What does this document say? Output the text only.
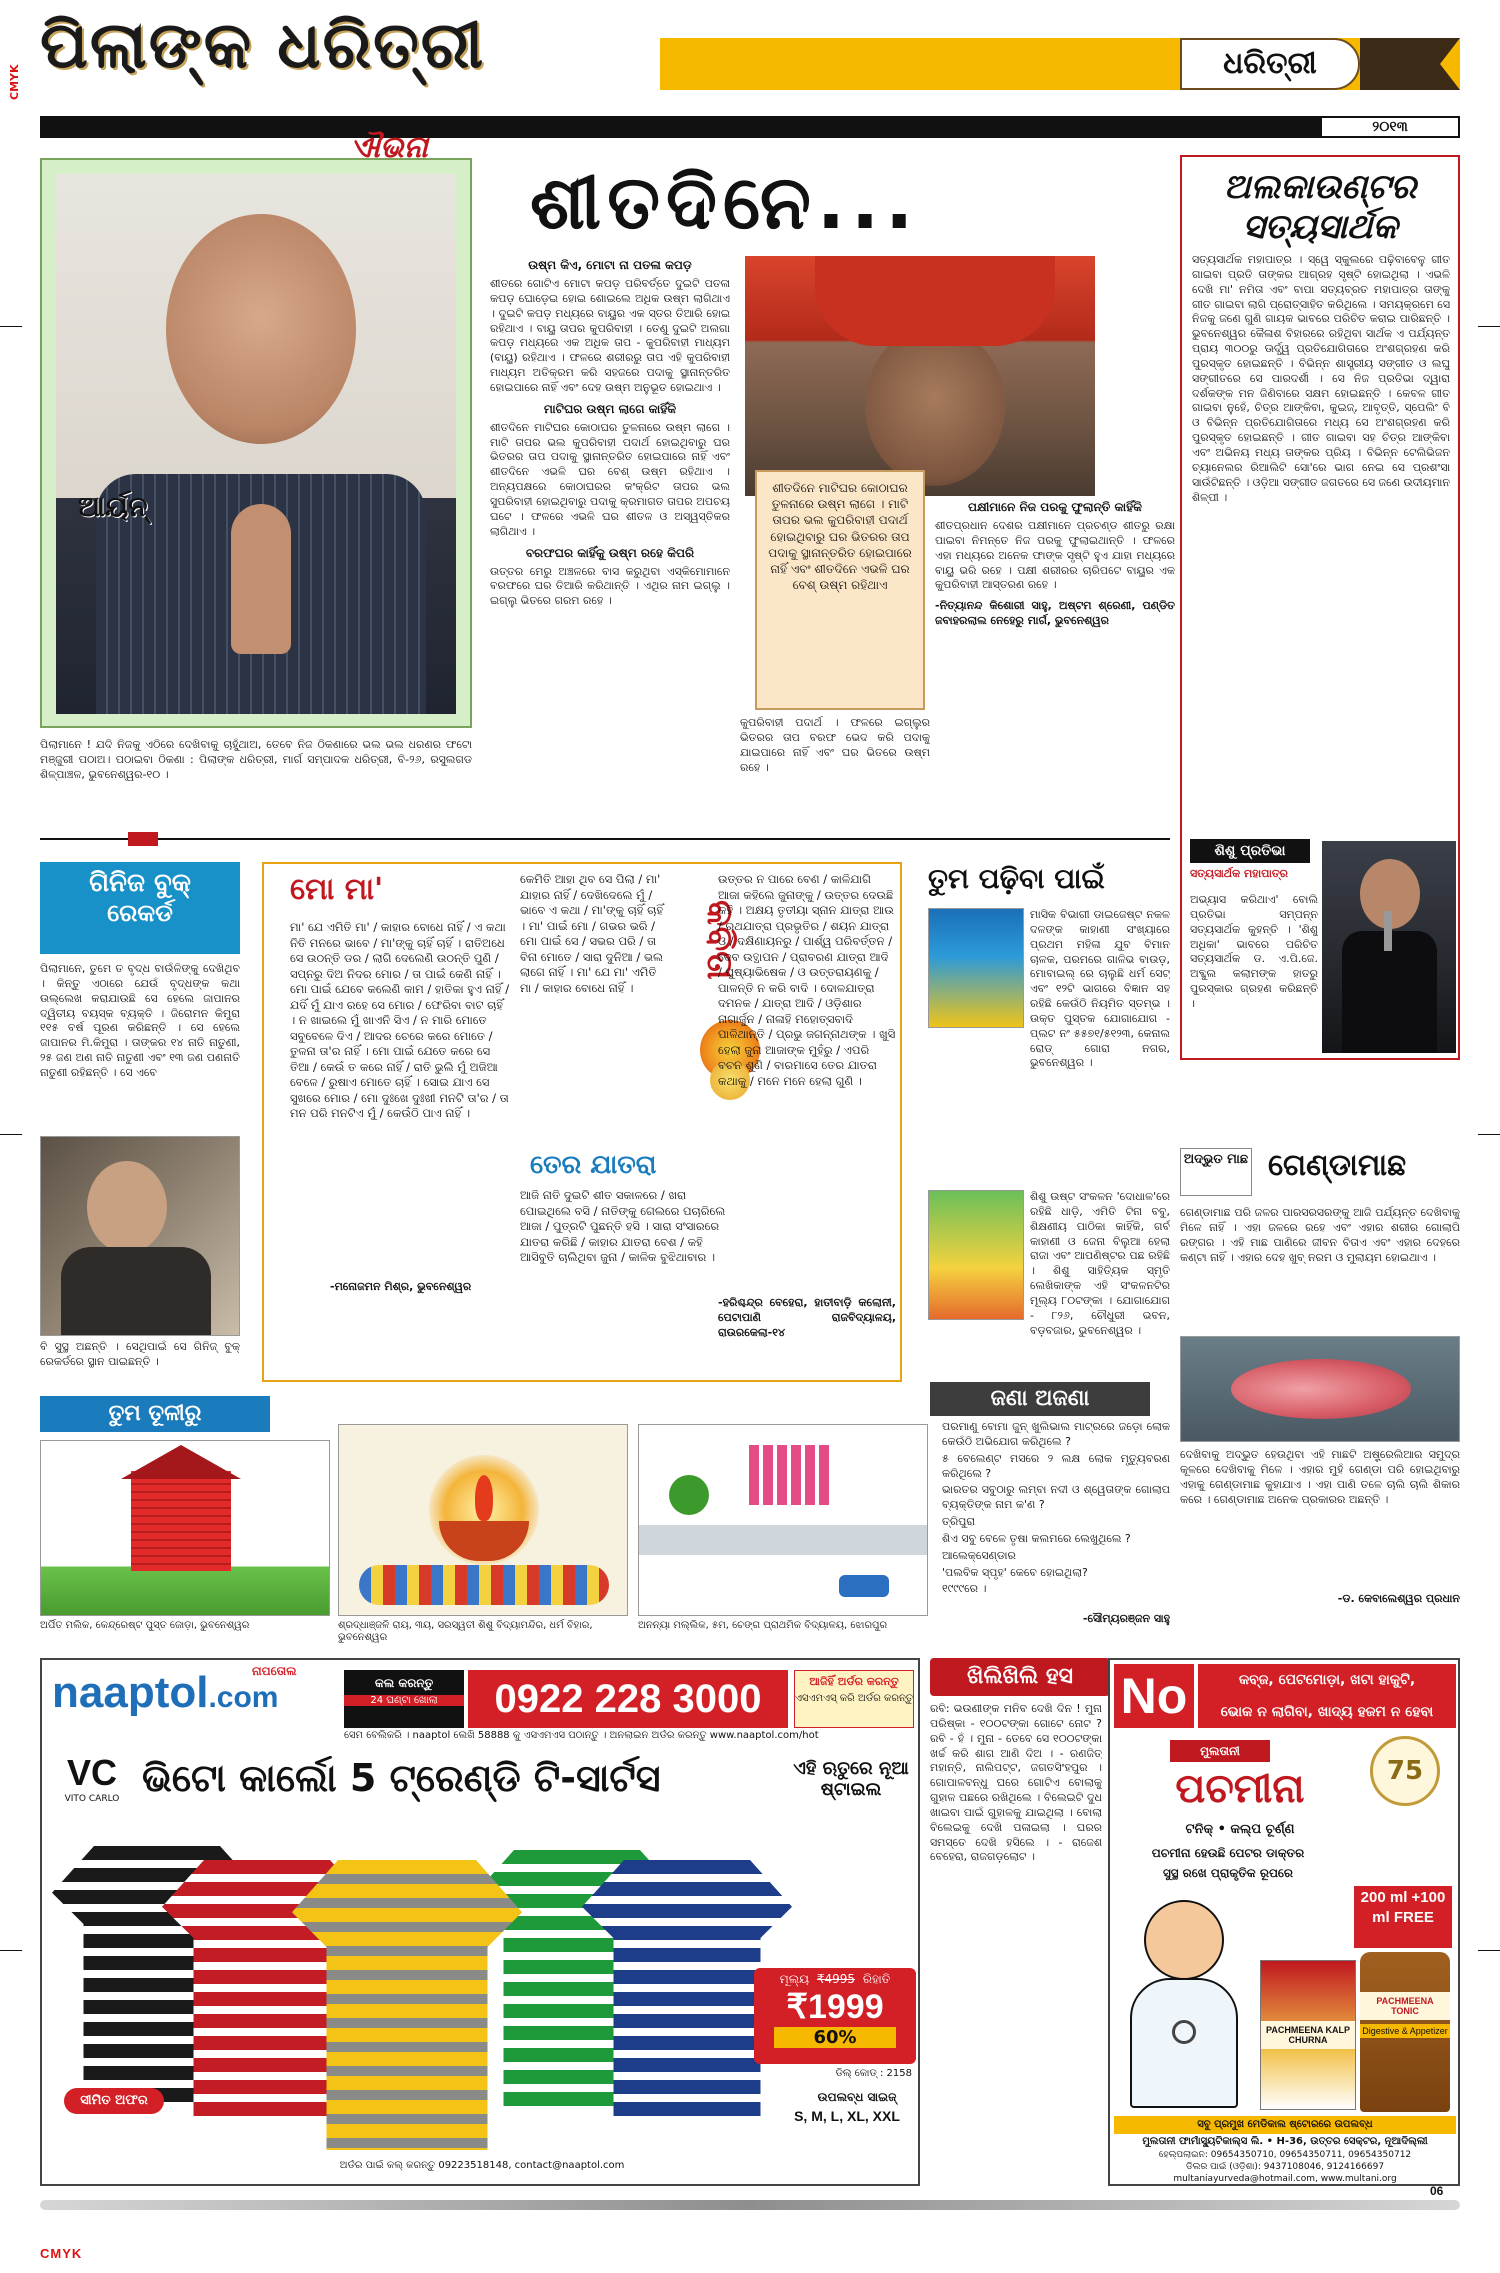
ପିଲାଙ୍କ ଧରିତ୍ରୀ	ଧରିତ୍ରୀ
CMYK
୨୦୧୩
ଆର୍ୟନ୍
ଐଭନା
ପିଲାମାନେ ! ଯଦି ନିଜକୁ ଏଠିରେ ଦେଖିବାକୁ ଚାହୁଁଥାଅ, ତେବେ ନିଜ ଠିକଣାରେ ଭଲ ଭଲ ଧରଣର ଫଟୋ ମଞ୍ଜୁରୀ ପଠାଅ। ପଠାଇବା ଠିକଣା : ପିଲାଙ୍କ ଧରିତ୍ରୀ, ମାର୍ଗ ସମ୍ପାଦକ ଧରିତ୍ରୀ, ବି-୨୬, ରସୁଲଗଡ ଶିଳ୍ପାଞ୍ଚଳ, ଭୁବନେଶ୍ୱର-୧୦ ।
ଶୀତଦିନେ...
ଉଷ୍ମ କିଏ, ମୋଟା ନା ପତଳା କପଡ଼
ଶୀତରେ ଗୋଟିଏ ମୋଟା କପଡ଼ ପରିବର୍ତ୍ତେ ଦୁଇଟି ପତଳା କପଡ଼ ଘୋଡ଼େଇ ହୋଇ ଶୋଇଲେ ଅଧିକ ଉଷ୍ମ ଲାଗିଥାଏ । ଦୁଇଟି କପଡ଼ ମଧ୍ୟରେ ବାୟୁର ଏକ ସ୍ତର ତିଆରି ହୋଇ ରହିଥାଏ । ବାୟୁ ତାପର କୁପରିବାହୀ । ତେଣୁ ଦୁଇଟି ଅଲଗା କପଡ଼ ମଧ୍ୟରେ ଏକ ଅଧିକ ତାପ - କୁପରିବାହୀ ମାଧ୍ୟମ (ବାୟୁ) ରହିଥାଏ । ଫଳରେ ଶରୀରରୁ ତାପ ଏହି କୁପରିବାହୀ ମାଧ୍ୟମ ଅତିକ୍ରମ କରି ସହଜରେ ପଦାକୁ ସ୍ଥାନାନ୍ତରିତ ହୋଇପାରେ ନାହିଁ ଏବଂ ଦେହ ଉଷ୍ମ ଅନୁଭୂତ ହୋଇଥାଏ ।
ମାଟିଘର ଉଷ୍ମ ଲାଗେ କାହିଁକି
ଶୀତଦିନେ ମାଟିଘର କୋଠାଘର ତୁଳନାରେ ଉଷ୍ମ ଲାଗେ । ମାଟି ତାପର ଭଲ କୁପରିବାହୀ ପଦାର୍ଥ ହୋଇଥିବାରୁ ଘର ଭିତରର ତାପ ପଦାକୁ ସ୍ଥାନାନ୍ତରିତ ହୋଇପାରେ ନାହିଁ ଏବଂ ଶୀତଦିନେ ଏଭଳି ଘର ବେଶ୍ ଉଷ୍ମ ରହିଥାଏ । ଅନ୍ୟପକ୍ଷରେ କୋଠାଘରର କଂକ୍ରିଟ ତାପର ଭଲ ସୁପରିବାହୀ ହୋଇଥିବାରୁ ପଦାକୁ କ୍ରମାଗତ ତାପର ଅପଚୟ ଘଟେ । ଫଳରେ ଏଭଳି ଘର ଶୀତଳ ଓ ଅସ୍ୱସ୍ତିକର ଲାଗିଥାଏ ।
ବରଫଘର କାହିଁକୁ ଉଷ୍ମ ରହେ କିପରି
ଉତ୍ତର ମେରୁ ଅଞ୍ଚଳରେ ବାସ କରୁଥିବା ଏସ୍କିମୋମାନେ ବରଫରେ ଘର ତିଆରି କରିଥାନ୍ତି । ଏଥିର ନାମ ଇଗ୍ଲୁ । ଇଗ୍ଲୁ ଭିତରେ ଗରମ ରହେ ।
ଶୀତଦିନେ ମାଟିଘର କୋଠାଘର ତୁଳନାରେ ଉଷ୍ମ ଲାଗେ । ମାଟି ତାପର ଭଲ କୁପରିବାହୀ ପଦାର୍ଥ ହୋଇଥିବାରୁ ଘର ଭିତରର ତାପ ପଦାକୁ ସ୍ଥାନାନ୍ତରିତ ହୋଇପାରେ ନାହିଁ ଏବଂ ଶୀତଦିନେ ଏଭଳି ଘର ବେଶ୍ ଉଷ୍ମ ରହିଥାଏ
କୁପରିବାହୀ ପଦାର୍ଥ । ଫଳରେ ଇଗ୍ଲୁର ଭିତରର ତାପ ବରଫ ଭେଦ କରି ପଦାକୁ ଯାଇପାରେ ନାହିଁ ଏବଂ ଘର ଭିତରେ ଉଷ୍ମ ରହେ ।
ପକ୍ଷୀମାନେ ନିଜ ପରକୁ ଫୁଲାନ୍ତି କାହିଁକି
ଶୀତପ୍ରଧାନ ଦେଶର ପକ୍ଷୀମାନେ ପ୍ରଚଣ୍ଡ ଶୀତରୁ ରକ୍ଷା ପାଇବା ନିମନ୍ତେ ନିଜ ପରକୁ ଫୁଲାଇଥାନ୍ତି । ଫଳରେ ଏହା ମଧ୍ୟରେ ଅନେକ ଫାଙ୍କ ସୃଷ୍ଟି ହୁଏ ଯାହା ମଧ୍ୟରେ ବାୟୁ ଭରି ରହେ । ପକ୍ଷୀ ଶରୀରର ଚାରିପଟେ ବାୟୁର ଏକ କୁପରିବାହୀ ଆସ୍ତରଣ ରହେ ।
-ନିତ୍ୟାନନ୍ଦ କିଶୋରୀ ସାହୁ, ଅଷ୍ଟମ ଶ୍ରେଣୀ, ପଣ୍ଡିତ ଜବାହରଲାଲ ନେହେରୁ ମାର୍ଗ, ଭୁବନେଶ୍ୱର
ଅଲକାଉଣ୍ଟର
ସତ୍ୟସାର୍ଥକ
ସତ୍ୟସାର୍ଥକ ମହାପାତ୍ର । ସ୍ୱେ ସ୍କୁଲରେ ପଢ଼ିବାବେଳୁ ଗୀତ ଗାଇବା ପ୍ରତି ତାଙ୍କର ଆଗ୍ରହ ସୃଷ୍ଟି ହୋଇଥିଲା । ଏଭଳି ଦେଖି ମା' ନମିତା ଏବଂ ବାପା ସତ୍ୟବ୍ରତ ମହାପାତ୍ର ତାଙ୍କୁ ଗୀତ ଗାଇବା ଲାଗି ପ୍ରୋତ୍ସାହିତ କରିଥିଲେ । ସମୟକ୍ରମେ ସେ ନିଜକୁ ଜଣେ ଗୁଣି ଗାୟକ ଭାବରେ ପରିଚିତ କରାଇ ପାରିଛନ୍ତି । ଭୁବନେଶ୍ୱର କୈଳାଶ ବିହାରରେ ରହିଥିବା ସାର୍ଥକ ଏ ପର୍ଯ୍ୟନ୍ତ ପ୍ରାୟ ୩୦୦ରୁ ଊର୍ଦ୍ଧ୍ୱ ପ୍ରତିଯୋଗିତାରେ ଅଂଶଗ୍ରହଣ କରି ପୁରସ୍କୃତ ହୋଇଛନ୍ତି । ବିଭିନ୍ନ ଶାସ୍ତ୍ରୀୟ ସଙ୍ଗୀତ ଓ ଲଘୁ ସଙ୍ଗୀତରେ ସେ ପାରଦର୍ଶୀ । ସେ ନିଜ ପ୍ରତିଭା ଦ୍ୱାରା ଦର୍ଶକଙ୍କ ମନ ଜିଣିବାରେ ସକ୍ଷମ ହୋଇଛନ୍ତି । କେବଳ ଗୀତ ଗାଇବା ନୁହେଁ, ଚିତ୍ର ଆଙ୍କିବା, କୁଇଜ୍, ଆବୃତ୍ତି, ସ୍ପେଲିଂ ବି ଓ ବିଭିନ୍ନ ପ୍ରତିଯୋଗିତାରେ ମଧ୍ୟ ସେ ଅଂଶଗ୍ରହଣ କରି ପୁରସ୍କୃତ ହୋଇଛନ୍ତି । ଗୀତ ଗାଇବା ସହ ଚିତ୍ର ଆଙ୍କିବା ଏବଂ ଅଭିନୟ ମଧ୍ୟ ତାଙ୍କର ପ୍ରିୟ । ବିଭିନ୍ନ ଟେଲିଭିଜନ ଚ୍ୟାନେଲର ରିଆଲିଟି ସୋ'ରେ ଭାଗ ନେଇ ସେ ପ୍ରଶଂସା ସାଉଁଟିଛନ୍ତି । ଓଡ଼ିଆ ସଙ୍ଗୀତ ଜଗତରେ ସେ ଜଣେ ଉଦୀୟମାନ ଶିଳ୍ପୀ ।
ଶିଶୁ ପ୍ରତିଭା
ସତ୍ୟସାର୍ଥକ ମହାପାତ୍ର
ଅଭ୍ୟାସ କରିଥାଏ' ବୋଲି ପ୍ରତିଭା ସମ୍ପନ୍ନ ସତ୍ୟସାର୍ଥକ କୁହନ୍ତି । 'ଶିଶୁ ଅଧିକା' ଭାବରେ ପରିଚିତ ସତ୍ୟସାର୍ଥକ ଡ. ଏ.ପି.ଜେ. ଅବ୍ଦୁଲ କଲାମଙ୍କ ହାତରୁ ପୁରସ୍କାର ଗ୍ରହଣ କରିଛନ୍ତି ।
ଗିନିଜ ବୁକ୍
ରେକର୍ଡ
ପିଲାମାନେ, ତୁମେ ତ ବୃଦ୍ଧ ବାଉଁଳିଙ୍କୁ ଦେଖିଥିବ । କିନ୍ତୁ ଏଠାରେ ଯେଉଁ ବୃଦ୍ଧଙ୍କ କଥା ଉଲ୍ଲେଖ କରାଯାଉଛି ସେ ହେଲେ ଜାପାନର ଦ୍ୱିତୀୟ ବୟସ୍କ ବ୍ୟକ୍ତି । ଜିରୋମନ କିମୁରା ୧୧୫ ବର୍ଷ ପୂରଣ କରିଛନ୍ତି । ସେ ହେଲେ ଜାପାନର ମି.କିମୁରା । ତାଙ୍କର ୧୪ ନାତି ନାତୁଣୀ, ୨୫ ଜଣ ଅଣ ନାତି ନାତୁଣୀ ଏବଂ ୧୩ ଜଣ ପଣନାତି ନାତୁଣୀ ରହିଛନ୍ତି । ସେ ଏବେ
ବି ସୁସ୍ଥ ଅଛନ୍ତି । ସେଥିପାଇଁ ସେ ଗିନିଜ୍ ବୁକ୍ ରେକର୍ଡରେ ସ୍ଥାନ ପାଇଛନ୍ତି ।
ମୋ ମା'
ମା' ଯେ ଏମିତି ମା' / କାହାର ବୋଧେ ନାହିଁ / ଏ କଥା ନିତି ମନରେ ଭାବେ / ମା'ଙ୍କୁ ଚାହିଁ ଚାହିଁ । ରାତିଅଧେ ସେ ଉଠନ୍ତି ଡର / ଲାଗି ଦେଲେଣି ଉଠନ୍ତି ପୁଣି / ସପ୍ନରୁ ଦିଅ ନିଦର ମୋର / ତା ପାଇଁ କେଣି ନାହିଁ । ମୋ ପାଇଁ ଯେବେ କଲେଣି କାମ / ହାତିକା ହୁଏ ନାହିଁ / ଯଦିଁ ମୁଁ ଯାଏ ରହେ ସେ ମୋର / ଫେରିବା ବାଟ ଚାହିଁ । ନ ଖାଇଲେ ମୁଁ ଖାଏନି ସିଏ / ନ ମାରି ମୋତେ ସବୁବେଳେ ଦିଏ / ଆଦର ଚେରେ କରେ ମୋତେ / ତୁଳନା ତା'ର ନାହିଁ । ମୋ ପାଇଁ ଯେତେ କରେ ସେ ତିଆ / କେଉଁ ତ କରେ ନାହିଁ / ରାତି ଭୁଲି ମୁଁ ଅଜିଆ ବେଳେ / ରୁଷାଏ ମୋତେ ଚାହିଁ । ସୋଇ ଯାଏ ସେ ସୁଖରେ ମୋର / ମୋ ଦୁଃଖେ ଦୁଃଖୀ ମନଟି ତା'ର / ତା ମନ ପରି ମନଟିଏ ମୁଁ / କେଉଁଠି ପାଏ ନାହିଁ ।
-ମନୋଜମନ ମିଶ୍ର, ଭୁବନେଶ୍ୱର
କେମିତି ଆହା ଥିବ ସେ ପିଲା / ମା' ଯାହାର ନାହିଁ / ଦେଖିଦେଲେ ମୁଁ / ଭାବେ ଏ କଥା / ମା'ଙ୍କୁ ଚାହିଁ ଚାହିଁ । ମା' ପାଇଁ ମୋ / ଗଭର ଭରି / ମୋ ପାଇଁ ସେ / ସଭର ପରି / ତା ବିନା ମୋତେ / ସାରା ଦୁନିଆ / ଭଲ ଲାଗେ ନାହିଁ । ମା' ଯେ ମା' ଏମିତି ମା / କାହାର ବୋଧେ ନାହିଁ ।
କବିତା
ତେର ଯାତରା
ଆଜି ନାତି ଦୁଇଟି ଶୀତ ସକାଳରେ / ଖରା ପୋଇଥିଲେ ବସି / ନାତିଙ୍କୁ ଗେଲରେ ପଚାରିଲେ ଆଜା / ପୁତ୍ରଟି ପୁଛନ୍ତି ହସି । ସାରା ସଂସାରରେ ଯାତରା କରିଛି / କାହାର ଯାତରା ବେଶ / କହି ଆସିବୁତି ଚାଲିଥିବା ଜୁନା / କାଳିକ ବୁଝିଥାବାର ।
ଉତ୍ତର ନ ପାରେ ବେଣ / କାଳିଯାଗି ଆଜା କହିଲେ ଜୁନାଙ୍କୁ / ଉତ୍ତର ଦେଉଛି କହି । ଅକ୍ଷୟ ତୃତୀୟା ସ୍ନାନ ଯାତ୍ରା ଆଉ / ରଥଯାତ୍ରା ପ୍ରଭୃତିର / ଶୟନ ଯାତ୍ରା ଓ / ଦକ୍ଷିଣାୟନରୁ / ପାର୍ଶ୍ୱ ପରିବର୍ତ୍ତନ / ଦେବ ଉତ୍ଥାପନ / ପ୍ରାବରଣ ଯାତ୍ରା ଆଦି / ପୁଷ୍ୟାଭିଷେକ / ଓ ଉତ୍ତରାୟଣକୁ / ପାଳନ୍ତି ନ କରି ବାଦି । ଦୋଳଯାତ୍ରା ଦମନକ / ଯାତ୍ରା ଆଦି / ଓଡ଼ିଶାର ନାଗାର୍ଜୁନ / ନାଳାହି ମହୋତ୍ସବାଦି ପାଳିଥାନ୍ତି / ପ୍ରଭୁ ଜଗନ୍ନାଥଙ୍କ । ଖୁସି ହେଲା ଜୁନା ଆଜାଙ୍କ ମୁହଁରୁ / ଏପରି ବଚନ ଶୁଣି / ବାରମାସେ ତେର ଯାତରା କଥାକୁ / ମନେ ମନେ ହେଲା ଗୁଣି ।
-ହରିଶ୍ଚନ୍ଦ୍ର ବେହେରା, ହାତୀବାଡ଼ି କଲୋନୀ, ପେଟାପାଣି ରାଜବିଦ୍ୟାଳୟ, ରାଉରକେଲା-୧୪
ତୁମ ପଢ଼ିବା ପାଇଁ
ମାସିକ ବିଭାଗୀ ଡାଇଜେଷ୍ଟ ନକଳ ଦଳଙ୍କ କାହାଣୀ ସଂଖ୍ୟାରେ ପ୍ରଥମ ମହିଳା ଯୁବ ବିମାନ ଚାଳକ, ପରମରେ ଗାଳିଭ ବାଉଡ଼, ମୋବାଇଲ୍ ରେ ଚାଲୁଛି ଧର୍ମ ସେଟ୍ ଏବଂ ୧୨ଟି ଭାଗରେ ବିଜ୍ଞାନ ସହ ରହିଛି କେଉଁଠି ନିୟମିତ ସ୍ତମ୍ଭ । ଉକ୍ତ ପୁସ୍ତକ ଯୋଗାଯୋଗ - ପ୍ଲଟ ନଂ ୫୫୭୧/୫୧୨୩, କେନାଲ ରୋଡ୍ ଗୋରା ନଗର, ଭୁବନେଶ୍ୱର ।
ଶିଶୁ ଉଷ୍ଟ ସଂକଳନ 'ଦୋଧାଳ'ରେ ରହିଛି ଧାଡ଼ି, ଏମିତି ଟିନା ବବୁ, ଶିକ୍ଷଣୀୟ ପାଠିକା କାହିଁକି, ଗର୍ବ କାହାଣୀ ଓ ଜେନା ବିଲୁଆ ହେଲା ରାଜା ଏବଂ ଆପଣିଷ୍ଟର ପଛ ରହିଛି । ଶିଶୁ ସାହିତ୍ୟିକ ସ୍ମୃତି ଲେଖିକାଙ୍କ ଏହି ସଂକଳନଟିର ମୂଲ୍ୟ ୮୦ଟଙ୍କା । ଯୋଗାଯୋଗ - ୮୨୬, ଚୌଧୁରୀ ଭବନ, ବଡ଼ବଜାର, ଭୁବନେଶ୍ୱର ।
ଅଦ୍ଭୁତ ମାଛ ଗେଣ୍ଡାମାଛ
ଗେଣ୍ଡାମାଛ ପରି ଜଳର ପାରସରସରଙ୍କୁ ଆଜି ପର୍ଯ୍ୟନ୍ତ ଦେଖିବାକୁ ମିଳେ ନାହିଁ । ଏହା ଜଳରେ ରହେ ଏବଂ ଏହାର ଶରୀର ଗୋଲାପି ରଙ୍ଗର । ଏହି ମାଛ ପାଣିରେ ଜୀବନ ବିତାଏ ଏବଂ ଏହାର ଦେହରେ କଣ୍ଟା ନାହିଁ । ଏହାର ଦେହ ଖୁବ୍ ନରମ ଓ ମୁଲାୟମ ହୋଇଥାଏ ।
ଦେଖିବାକୁ ଅଦ୍ଭୁତ ହେଉଥିବା ଏହି ମାଛଟି ଅଷ୍ଟ୍ରେଲିଆର ସମୁଦ୍ର କୂଳରେ ଦେଖିବାକୁ ମିଳେ । ଏହାର ମୁହଁ ଗେଣ୍ଡା ପରି ହୋଇଥିବାରୁ ଏହାକୁ ଗେଣ୍ଡାମାଛ କୁହାଯାଏ । ଏହା ପାଣି ତଳେ ଚାଲି ଚାଲି ଶିକାର କରେ । ଗେଣ୍ଡାମାଛ ଅନେକ ପ୍ରକାରର ଅଛନ୍ତି ।
-ଡ. କେବାଲେଶ୍ୱର ପ୍ରଧାନ
ତୁମ ତୂଳୀରୁ
ଅର୍ପିତ ମଲିକ, କେନ୍ଦ୍ରେଷ୍ଟ ପୁସ୍ତ ଜୋଡ଼ା, ଭୁବନେଶ୍ୱର	ଶ୍ରଦ୍ଧାଞ୍ଜଳି ରାୟ, ୩ୟ, ସରସ୍ୱତୀ ଶିଶୁ ବିଦ୍ୟାମନ୍ଦିର, ଧର୍ମ ବିହାର, ଭୁବନେଶ୍ୱର
ଅନନ୍ୟା ମଲ୍ଲିକ, ୫ମ, ଚେଙ୍ଗ ପ୍ରାଥମିକ ବିଦ୍ୟାଳୟ, ଝୋରପୁର
ଜଣା ଅଜଣା
ପରମାଣୁ ବୋମା ଜୁନ୍ ଖୁଲିଭାଲ ମାଟ୍ରରେ ଜଡ଼ୋ ଲୋକ କେଉଁଠି ଅଭିଯୋଗ କରିଥିଲେ ?
୫ ବେଲେଣ୍ଟ ମସରେ ୨ ଲକ୍ଷ ଲୋକ ମୃତ୍ୟୁବରଣ କରିଥିଲେ ?
ଭାରତର ସବୁଠାରୁ ଲମ୍ବା ନଦୀ ଓ ଶ୍ୱେତାଙ୍କ ଗୋଲାପ ବ୍ୟକ୍ତିଙ୍କ ନାମ କ'ଣ ?
ତ୍ରିପୁରା
ଶିଏ ସବୁ ବେଳେ ତୃଷା କଲମରେ ଲେଖୁଥିଲେ ?
ଆଲେକ୍ସେଣ୍ଡାର
'ପଲବିକ ସ୍ପୃହ' କେବେ ହୋଇଥିଲା?
୧୯୯୯ରେ ।
-ସୌମ୍ୟରଞ୍ଜନ ସାହୁ
naaptol.com
ନାପତୋଲ
କଲ କରନ୍ତୁ
24 ଘଣ୍ଟା ଖୋଲା	0922 228 3000	ଆଜିହିଁ ଅର୍ଡର କରନ୍ତୁ
ଏସଏମଏସ୍ କରି ଅର୍ଡର କରନ୍ତୁ
ସେମ ବେଲିକରି । naaptol ଲେଖି 58888 କୁ ଏସଏମଏସ ପଠାନ୍ତୁ । ଅନଲାଇନ ଅର୍ଡର କରନ୍ତୁ www.naaptol.com/hot
VC
VITO CARLO ଭିଟୋ କାର୍ଲୋ 5 ଟ୍ରେଣ୍ଡି ଟି-ସାର୍ଟସ	ଏହି ଋତୁରେ ନୂଆ ଷ୍ଟାଇଲ
ମୂଲ୍ୟ ₹4995 ରିହାତି
₹1999
60%
ଡିଲ୍ କୋଡ୍ : 2158
ଉପଲବ୍ଧ ସାଇଜ୍
S, M, L, XL, XXL
ସୀମିତ ଅଫର
ଅର୍ଡର ପାଇଁ କଲ୍ କରନ୍ତୁ 09223518148, contact@naaptol.com
ଖିଲିଖିଲି ହସ
ରବି: ଭଉଣୀଙ୍କ ମନିବ ଦେଖି ଦିନ ! ମୁନା ପରିଷ୍କା - ୧୦୦ଟଙ୍କା ଗୋଟେ ନୋଟ ? ରବି - ହଁ । ମୁନା - ତେବେ ସେ ୧୦୦ଟଙ୍କା ଖର୍ଚ୍ଚ କରି ଶାଗ ଆଣି ଦିଅ । - ରଣଜିତ୍ ମହାନ୍ତି, ନାଲିପଟ୍ଟ, ଜଗତସିଂହପୁର । ଗୋପାଳବନ୍ଧୁ ଘରେ ଗୋଟିଏ ବୋଲାକୁ ଗୁହାଳ ପଛରେ ରଖିଥିଲେ । ବିଲେଇଟି ଦୁଧ ଖାଇବା ପାଇଁ ଗୁହାଳକୁ ଯାଇଥିଲା । ବୋଲା ବିଲେଇକୁ ଦେଖି ପଳାଇଲା । ଘରର ସମସ୍ତେ ଦେଖି ହସିଲେ । - ରାଜେଶ ବେହେରା, ରାଜଗଡ଼ଲୋଟ ।
No	କବ୍ଜ, ପେଟମୋଡ଼ା, ଖଟା ହାକୁଟି,
ଭୋକ ନ ଲାଗିବା, ଖାଦ୍ୟ ହଜମ ନ ହେବା
ମୁଲତାନୀ
75
ପଚମୀନା
ଟନିକ୍ • କଲ୍ପ ଚୂର୍ଣ୍ଣ
ପଚମୀନା ହେଉଛି ପେଟର ଡାକ୍ତର
ସୁସ୍ଥ ରଖେ ପ୍ରାକୃତିକ ରୂପରେ
200 ml +100 ml FREE
PACHMEENA TONIC
Digestive & Appetizer
PACHMEENA KALP CHURNA
ସବୁ ପ୍ରମୁଖ ମେଡିକାଲ ଷ୍ଟୋରରେ ଉପଲବ୍ଧ
ମୁଲତାନୀ ଫାର୍ମାସ୍ୟୁଟିକାଲ୍ସ ଲି. • H-36, ଉତ୍ତର ସେକ୍ଟର, ନୂଆଦିଲ୍ଲୀ
ହେଲ୍ପଲାଇନ: 09654350710, 09654350711, 09654350712
ଡିଲର ପାଇଁ (ଓଡ଼ିଶା): 9437108046, 9124166697
multaniayurveda@hotmail.com, www.multani.org
06
CMYK
